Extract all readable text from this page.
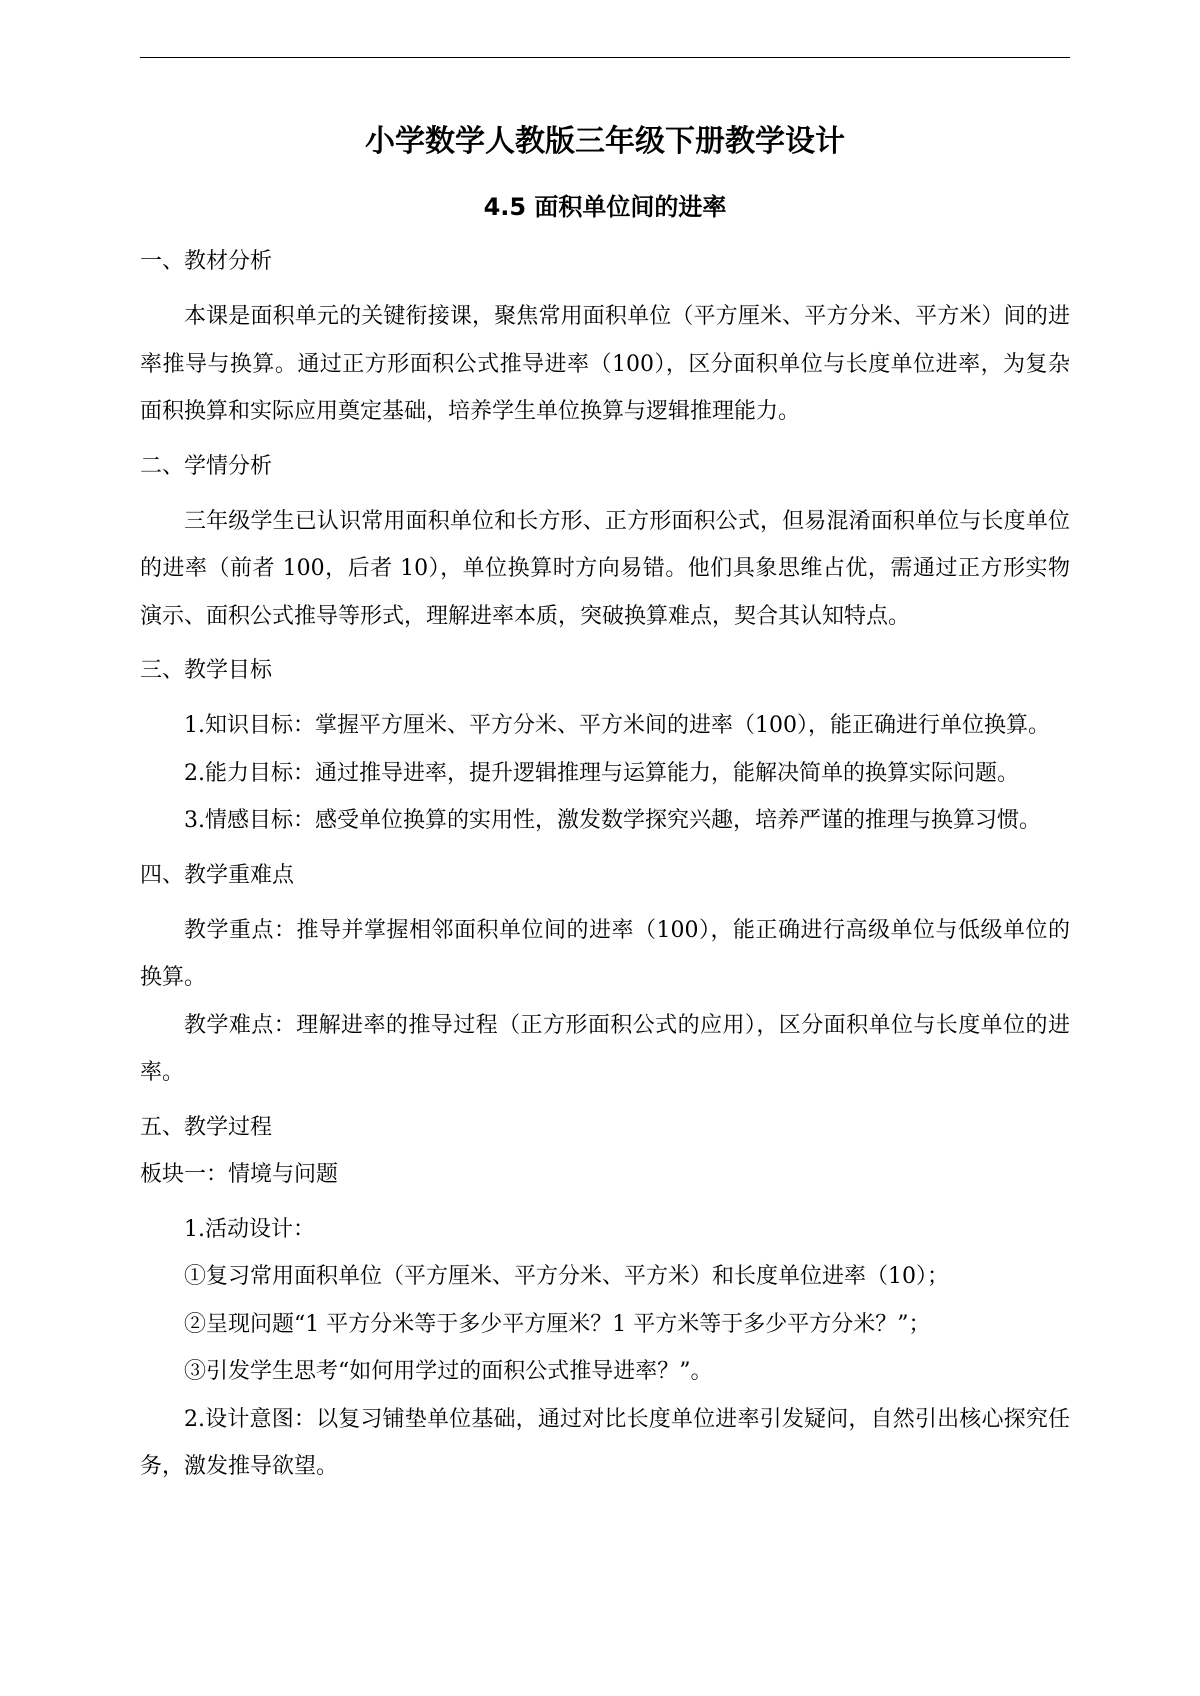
小学数学人教版三年级下册教学设计
4.5 面积单位间的进率

一、教材分析

本课是面积单元的关键衔接课，聚焦常用面积单位（平方厘米、平方分米、平方米）间的进率推导与换算。通过正方形面积公式推导进率（100），区分面积单位与长度单位进率，为复杂面积换算和实际应用奠定基础，培养学生单位换算与逻辑推理能力。

二、学情分析

三年级学生已认识常用面积单位和长方形、正方形面积公式，但易混淆面积单位与长度单位的进率（前者 100，后者 10），单位换算时方向易错。他们具象思维占优，需通过正方形实物演示、面积公式推导等形式，理解进率本质，突破换算难点，契合其认知特点。

三、教学目标

1.知识目标：掌握平方厘米、平方分米、平方米间的进率（100），能正确进行单位换算。

2.能力目标：通过推导进率，提升逻辑推理与运算能力，能解决简单的换算实际问题。

3.情感目标：感受单位换算的实用性，激发数学探究兴趣，培养严谨的推理与换算习惯。

四、教学重难点

教学重点：推导并掌握相邻面积单位间的进率（100），能正确进行高级单位与低级单位的换算。

教学难点：理解进率的推导过程（正方形面积公式的应用），区分面积单位与长度单位的进率。

五、教学过程

板块一：情境与问题

1.活动设计：

①复习常用面积单位（平方厘米、平方分米、平方米）和长度单位进率（10）；

②呈现问题“1 平方分米等于多少平方厘米？1 平方米等于多少平方分米？”；

③引发学生思考“如何用学过的面积公式推导进率？”。

2.设计意图：以复习铺垫单位基础，通过对比长度单位进率引发疑问，自然引出核心探究任务，激发推导欲望。
